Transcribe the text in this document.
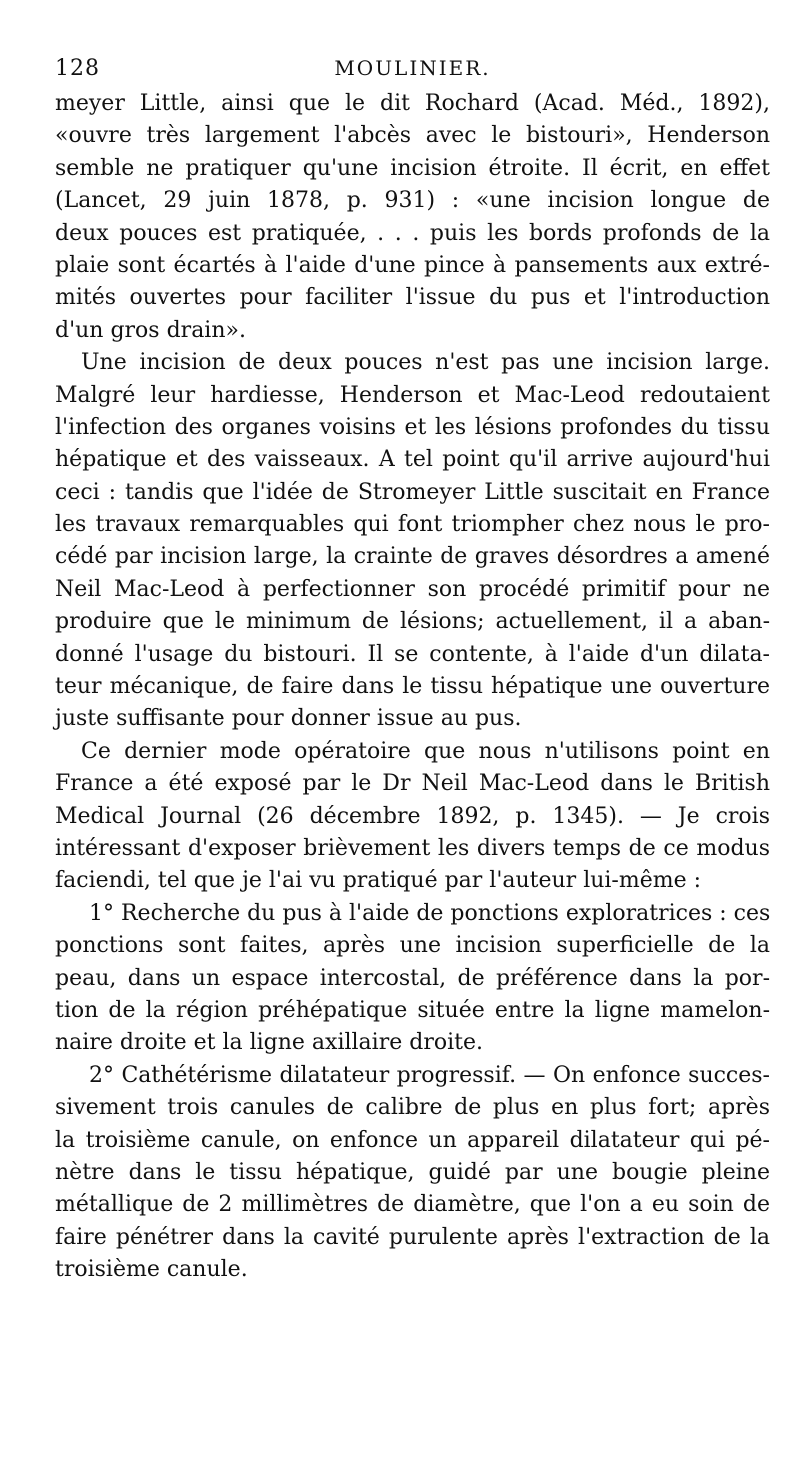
128	MOULINIER.
meyer Little, ainsi que le dit Rochard (Acad. Méd., 1892),
«ouvre très largement l'abcès avec le bistouri», Henderson
semble ne pratiquer qu'une incision étroite. Il écrit, en effet
(Lancet, 29 juin 1878, p. 931) : «une incision longue de
deux pouces est pratiquée, . . . puis les bords profonds de la
plaie sont écartés à l'aide d'une pince à pansements aux extré-
mités ouvertes pour faciliter l'issue du pus et l'introduction
d'un gros drain».
Une incision de deux pouces n'est pas une incision large.
Malgré leur hardiesse, Henderson et Mac-Leod redoutaient
l'infection des organes voisins et les lésions profondes du tissu
hépatique et des vaisseaux. A tel point qu'il arrive aujourd'hui
ceci : tandis que l'idée de Stromeyer Little suscitait en France
les travaux remarquables qui font triompher chez nous le pro-
cédé par incision large, la crainte de graves désordres a amené
Neil Mac-Leod à perfectionner son procédé primitif pour ne
produire que le minimum de lésions; actuellement, il a aban-
donné l'usage du bistouri. Il se contente, à l'aide d'un dilata-
teur mécanique, de faire dans le tissu hépatique une ouverture
juste suffisante pour donner issue au pus.
Ce dernier mode opératoire que nous n'utilisons point en
France a été exposé par le Dr Neil Mac-Leod dans le British
Medical Journal (26 décembre 1892, p. 1345). — Je crois
intéressant d'exposer brièvement les divers temps de ce modus
faciendi, tel que je l'ai vu pratiqué par l'auteur lui-même :
1° Recherche du pus à l'aide de ponctions exploratrices : ces
ponctions sont faites, après une incision superficielle de la
peau, dans un espace intercostal, de préférence dans la por-
tion de la région préhépatique située entre la ligne mamelon-
naire droite et la ligne axillaire droite.
2° Cathétérisme dilatateur progressif. — On enfonce succes-
sivement trois canules de calibre de plus en plus fort; après
la troisième canule, on enfonce un appareil dilatateur qui pé-
nètre dans le tissu hépatique, guidé par une bougie pleine
métallique de 2 millimètres de diamètre, que l'on a eu soin de
faire pénétrer dans la cavité purulente après l'extraction de la
troisième canule.
